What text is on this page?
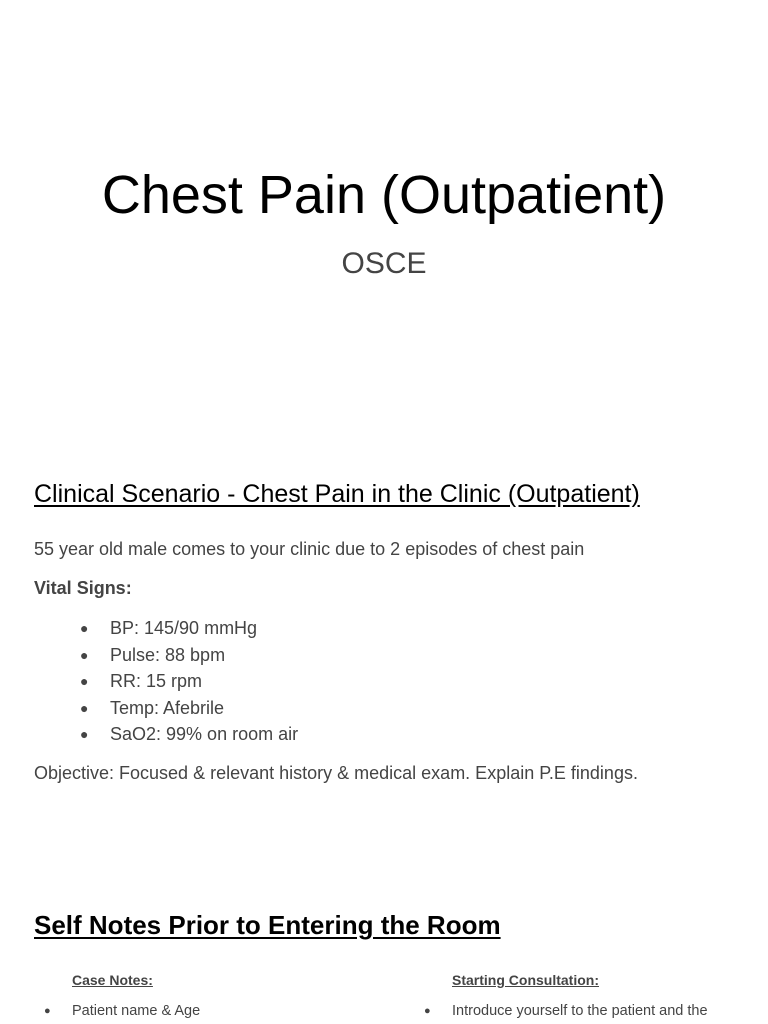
Chest Pain (Outpatient)
OSCE
Clinical Scenario - Chest Pain in the Clinic (Outpatient)
55 year old male comes to your clinic due to 2 episodes of chest pain
Vital Signs:
● BP: 145/90 mmHg
● Pulse: 88 bpm
● RR: 15 rpm
● Temp: Afebrile
● SaO2: 99% on room air
Objective: Focused & relevant history & medical exam. Explain P.E findings.
Self Notes Prior to Entering the Room
Case Notes:
● Patient name & Age
Starting Consultation:
● Introduce yourself to the patient and the
